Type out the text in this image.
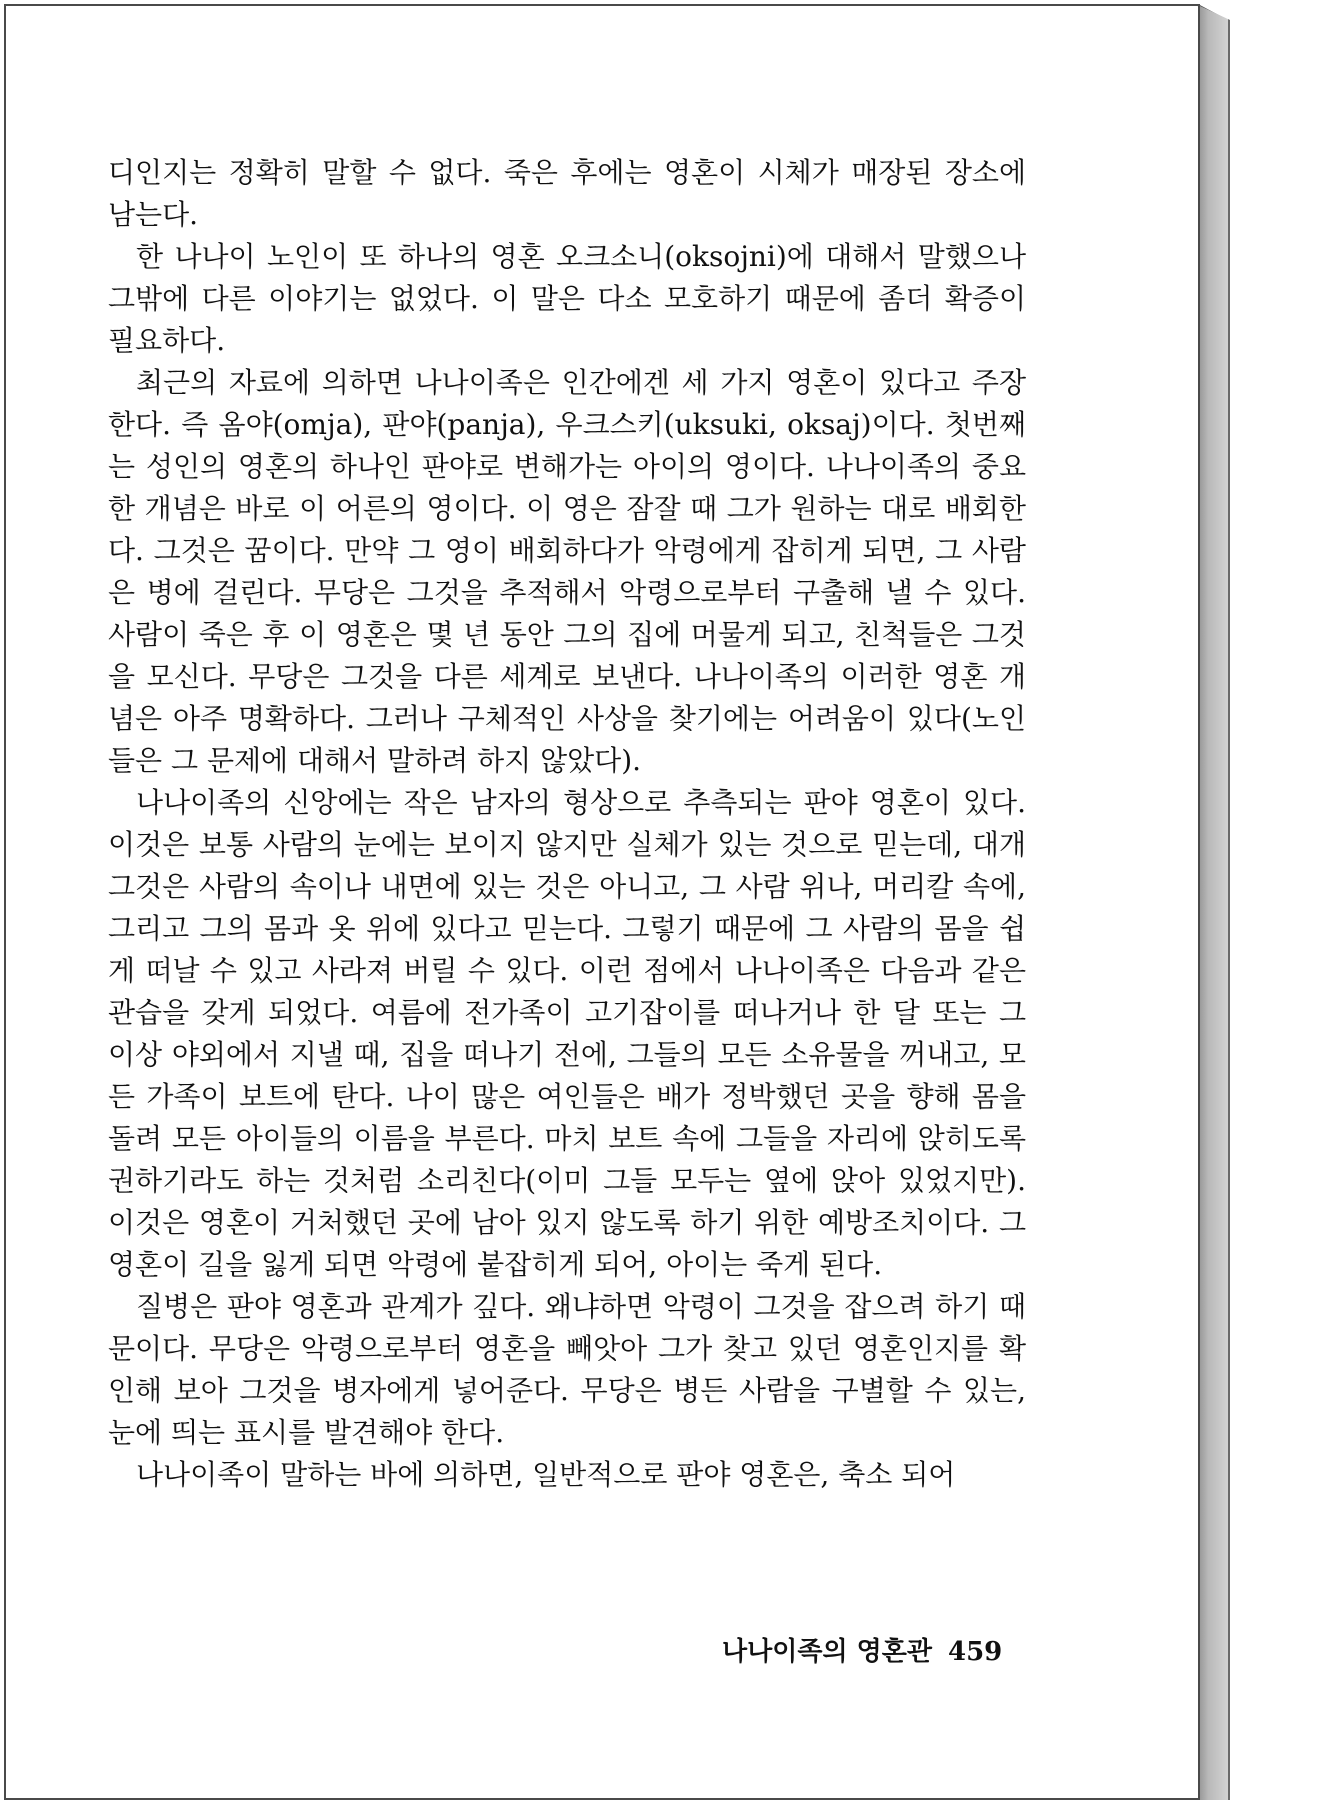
디인지는 정확히 말할 수 없다. 죽은 후에는 영혼이 시체가 매장된 장소에 남는다.

한 나나이 노인이 또 하나의 영혼 오크소니(oksojni)에 대해서 말했으나 그밖에 다른 이야기는 없었다. 이 말은 다소 모호하기 때문에 좀더 확증이 필요하다.

최근의 자료에 의하면 나나이족은 인간에겐 세 가지 영혼이 있다고 주장한다. 즉 옴야(omja), 판야(panja), 우크스키(uksuki, oksaj)이다. 첫번째는 성인의 영혼의 하나인 판야로 변해가는 아이의 영이다. 나나이족의 중요한 개념은 바로 이 어른의 영이다. 이 영은 잠잘 때 그가 원하는 대로 배회한다. 그것은 꿈이다. 만약 그 영이 배회하다가 악령에게 잡히게 되면, 그 사람은 병에 걸린다. 무당은 그것을 추적해서 악령으로부터 구출해 낼 수 있다. 사람이 죽은 후 이 영혼은 몇 년 동안 그의 집에 머물게 되고, 친척들은 그것을 모신다. 무당은 그것을 다른 세계로 보낸다. 나나이족의 이러한 영혼 개념은 아주 명확하다. 그러나 구체적인 사상을 찾기에는 어려움이 있다(노인들은 그 문제에 대해서 말하려 하지 않았다).

나나이족의 신앙에는 작은 남자의 형상으로 추측되는 판야 영혼이 있다. 이것은 보통 사람의 눈에는 보이지 않지만 실체가 있는 것으로 믿는데, 대개 그것은 사람의 속이나 내면에 있는 것은 아니고, 그 사람 위나, 머리칼 속에, 그리고 그의 몸과 옷 위에 있다고 믿는다. 그렇기 때문에 그 사람의 몸을 쉽게 떠날 수 있고 사라져 버릴 수 있다. 이런 점에서 나나이족은 다음과 같은 관습을 갖게 되었다. 여름에 전가족이 고기잡이를 떠나거나 한 달 또는 그 이상 야외에서 지낼 때, 집을 떠나기 전에, 그들의 모든 소유물을 꺼내고, 모든 가족이 보트에 탄다. 나이 많은 여인들은 배가 정박했던 곳을 향해 몸을 돌려 모든 아이들의 이름을 부른다. 마치 보트 속에 그들을 자리에 앉히도록 권하기라도 하는 것처럼 소리친다(이미 그들 모두는 옆에 앉아 있었지만). 이것은 영혼이 거처했던 곳에 남아 있지 않도록 하기 위한 예방조치이다. 그 영혼이 길을 잃게 되면 악령에 붙잡히게 되어, 아이는 죽게 된다.

질병은 판야 영혼과 관계가 깊다. 왜냐하면 악령이 그것을 잡으려 하기 때문이다. 무당은 악령으로부터 영혼을 빼앗아 그가 찾고 있던 영혼인지를 확인해 보아 그것을 병자에게 넣어준다. 무당은 병든 사람을 구별할 수 있는, 눈에 띄는 표시를 발견해야 한다.

나나이족이 말하는 바에 의하면, 일반적으로 판야 영혼은, 축소 되어

나나이족의 영혼관 459
